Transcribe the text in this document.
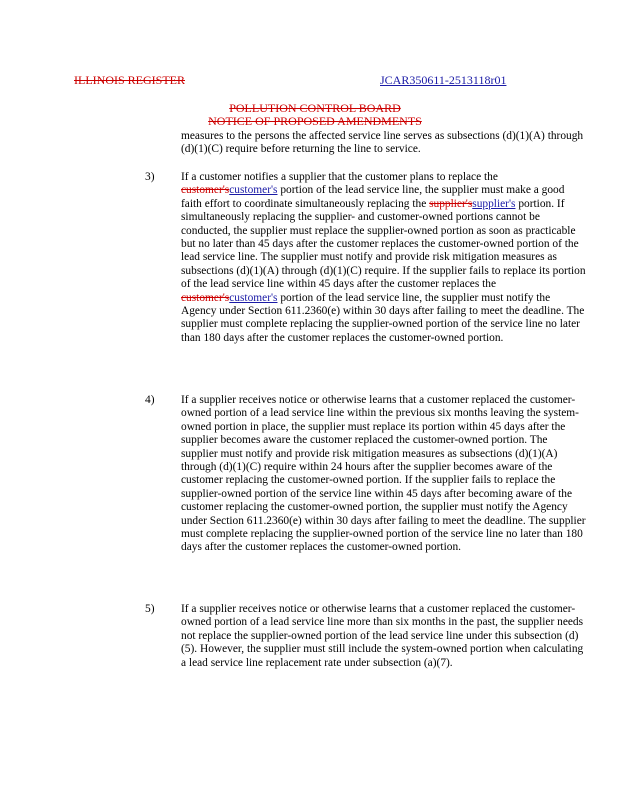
ILLINOIS REGISTER	JCAR350611-2513118r01
POLLUTION CONTROL BOARD
NOTICE OF PROPOSED AMENDMENTS

measures to the persons the affected service line serves as subsections (d)(1)(A) through (d)(1)(C) require before returning the line to service.

3) If a customer notifies a supplier that the customer plans to replace the customer'scustomer's portion of the lead service line, the supplier must make a good faith effort to coordinate simultaneously replacing the supplier'ssupplier's portion. If simultaneously replacing the supplier- and customer-owned portions cannot be conducted, the supplier must replace the supplier-owned portion as soon as practicable but no later than 45 days after the customer replaces the customer-owned portion of the lead service line. The supplier must notify and provide risk mitigation measures as subsections (d)(1)(A) through (d)(1)(C) require. If the supplier fails to replace its portion of the lead service line within 45 days after the customer replaces the customer'scustomer's portion of the lead service line, the supplier must notify the Agency under Section 611.2360(e) within 30 days after failing to meet the deadline. The supplier must complete replacing the supplier-owned portion of the service line no later than 180 days after the customer replaces the customer-owned portion.

4) If a supplier receives notice or otherwise learns that a customer replaced the customer-owned portion of a lead service line within the previous six months leaving the system-owned portion in place, the supplier must replace its portion within 45 days after the supplier becomes aware the customer replaced the customer-owned portion. The supplier must notify and provide risk mitigation measures as subsections (d)(1)(A) through (d)(1)(C) require within 24 hours after the supplier becomes aware of the customer replacing the customer-owned portion. If the supplier fails to replace the supplier-owned portion of the service line within 45 days after becoming aware of the customer replacing the customer-owned portion, the supplier must notify the Agency under Section 611.2360(e) within 30 days after failing to meet the deadline. The supplier must complete replacing the supplier-owned portion of the service line no later than 180 days after the customer replaces the customer-owned portion.

5) If a supplier receives notice or otherwise learns that a customer replaced the customer-owned portion of a lead service line more than six months in the past, the supplier needs not replace the supplier-owned portion of the lead service line under this subsection (d)(5). However, the supplier must still include the system-owned portion when calculating a lead service line replacement rate under subsection (a)(7).
